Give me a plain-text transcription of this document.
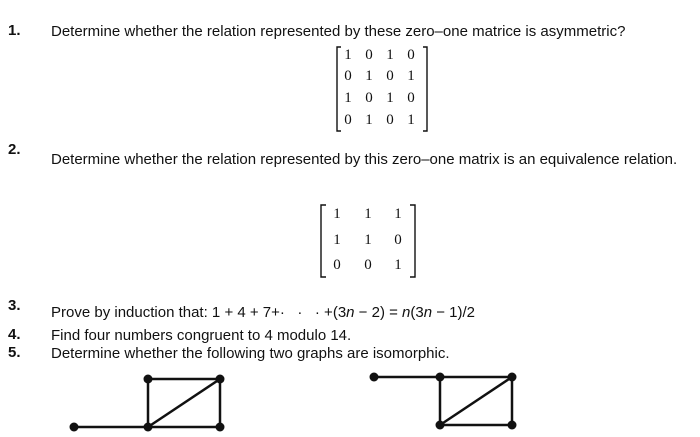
1. Determine whether the relation represented by these zero–one matrice is asymmetric?
1 0 1 0
0 1 0 1
1 0 1 0
0 1 0 1
2.
Determine whether the relation represented by this zero–one matrix is an equivalence relation.
1 1 1
1 1 0
0 0 1
3. Prove by induction that: 1 + 4 + 7+·   ·   · +(3n − 2) = n(3n − 1)/2
4. Find four numbers congruent to 4 modulo 14.
5. Determine whether the following two graphs are isomorphic.
